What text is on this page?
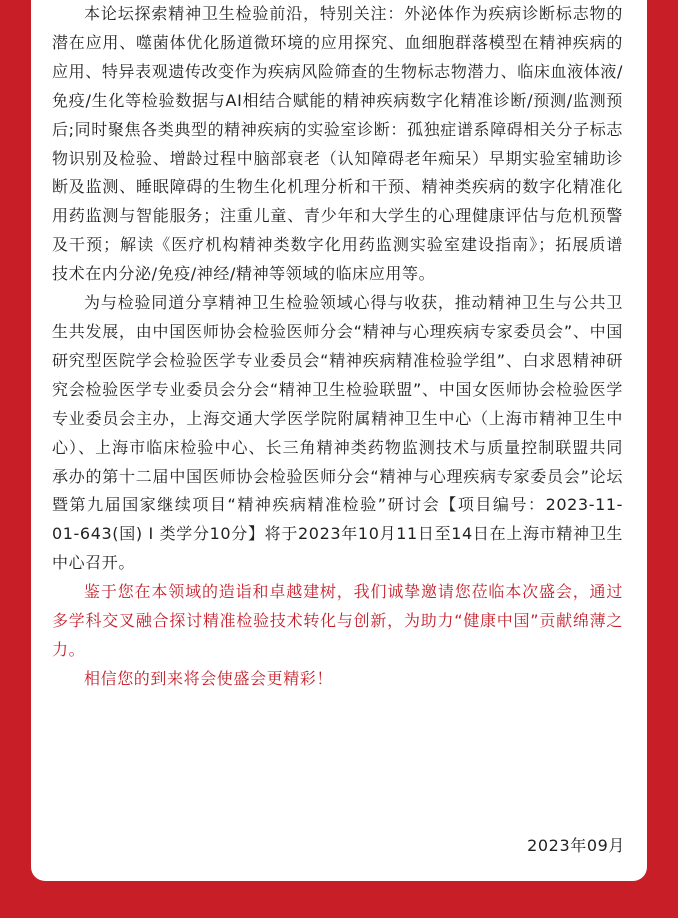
本论坛探索精神卫生检验前沿，特别关注：外泌体作为疾病诊断标志物的潜在应用、噬菌体优化肠道微环境的应用探究、血细胞群落模型在精神疾病的应用、特异表观遗传改变作为疾病风险筛查的生物标志物潜力、临床血液体液/免疫/生化等检验数据与AI相结合赋能的精神疾病数字化精准诊断/预测/监测预后;同时聚焦各类典型的精神疾病的实验室诊断：孤独症谱系障碍相关分子标志物识别及检验、增龄过程中脑部衰老（认知障碍老年痴呆）早期实验室辅助诊断及监测、睡眠障碍的生物生化机理分析和干预、精神类疾病的数字化精准化用药监测与智能服务；注重儿童、青少年和大学生的心理健康评估与危机预警及干预；解读《医疗机构精神类数字化用药监测实验室建设指南》；拓展质谱技术在内分泌/免疫/神经/精神等领域的临床应用等。

为与检验同道分享精神卫生检验领域心得与收获，推动精神卫生与公共卫生共发展，由中国医师协会检验医师分会“精神与心理疾病专家委员会”、中国研究型医院学会检验医学专业委员会“精神疾病精准检验学组”、白求恩精神研究会检验医学专业委员会分会“精神卫生检验联盟”、中国女医师协会检验医学专业委员会主办，上海交通大学医学院附属精神卫生中心（上海市精神卫生中心）、上海市临床检验中心、长三角精神类药物监测技术与质量控制联盟共同承办的第十二届中国医师协会检验医师分会“精神与心理疾病专家委员会”论坛暨第九届国家继续项目“精神疾病精准检验”研讨会【项目编号：2023-11-01-643(国) I 类学分10分】将于2023年10月11日至14日在上海市精神卫生中心召开。

鉴于您在本领域的造诣和卓越建树，我们诚挚邀请您莅临本次盛会，通过多学科交叉融合探讨精准检验技术转化与创新，为助力“健康中国”贡献绵薄之力。

相信您的到来将会使盛会更精彩！

2023年09月
